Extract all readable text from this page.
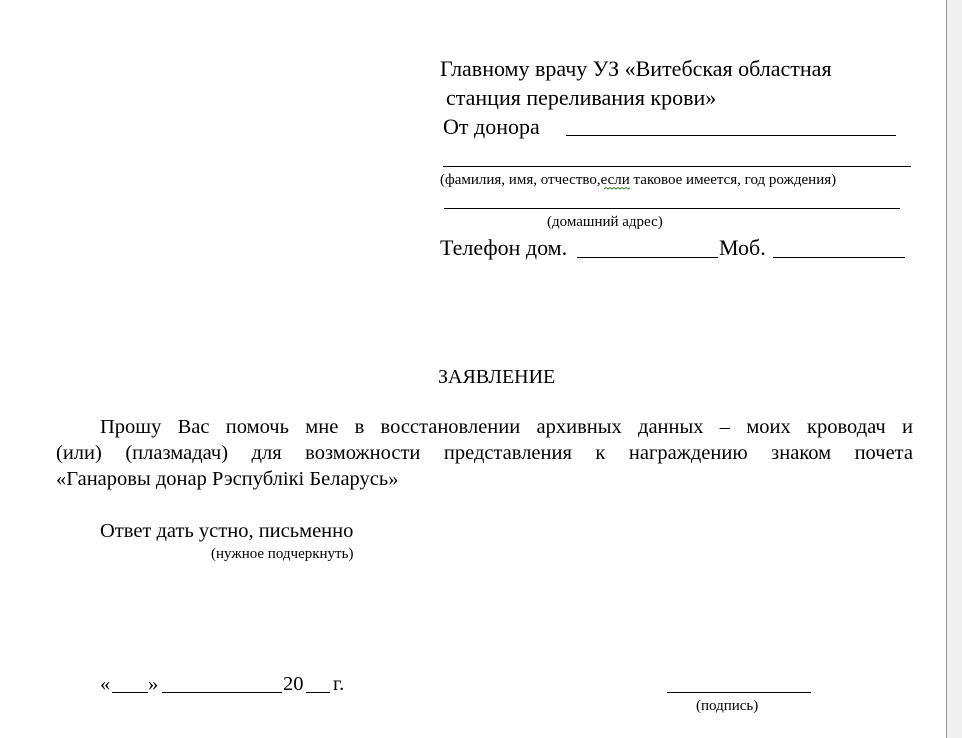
Главному врачу УЗ «Витебская областная
станция переливания крови»
От донора
(фамилия, имя, отчество,если таковое имеется, год рождения)
(домашний адрес)
Телефон дом.	Моб.
ЗАЯВЛЕНИЕ
Прошу Вас помочь мне в восстановлении архивных данных – моих кроводач и
(или) (плазмадач) для возможности представления к награждению знаком почета
«Ганаровы донар Рэспублікі Беларусь»
Ответ дать устно, письменно
(нужное подчеркнуть)
« »	20 г.
(подпись)
